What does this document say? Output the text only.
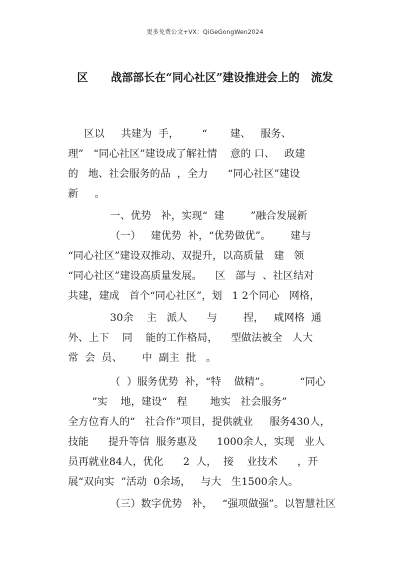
更多免费公文+VX：QiGeGongWen2024
区      战部部长在“同心社区”建设推进会上的   流发
区以     共建为  手，       “       建、   服务、
理”   “同心社区”建设成了解社情    意的 口、   政建
的   地、社会服务的品  ，全力      “同心社区”建设
新     。
一、优势   补，实现“  建        ”融合发展新
（一）   建优势  补，“优势做优”。      建与
“同心社区”建设双推动、双提升，以高质量   建   领
“同心社区”建设高质量发展。    区   部与  、社区结对
共建，建成   首个“同心社区”，划   1 2个同心   网格，
30余    主   派人      与        捏，   咸网格  通
外、上下    同    能的工作格局，    型做法被全   人大
常  会  员、      中  副主  批   。
（  ）服务优势  补，“特    做精”。         “同心
”实    地，建设“   程       地实   社会服务”
全方位育人的“   社合作”项目，提供就业     服务430人，
技能      提升等信  服务惠及      1000余人，实现   业人
员再就业84人，优化      2  人，  接    业技术      ，开
展“双向实  ”活动  0余场，   与大   生1500余人。
（三）数字优势   补，   “强项做强”。以智慧社区
